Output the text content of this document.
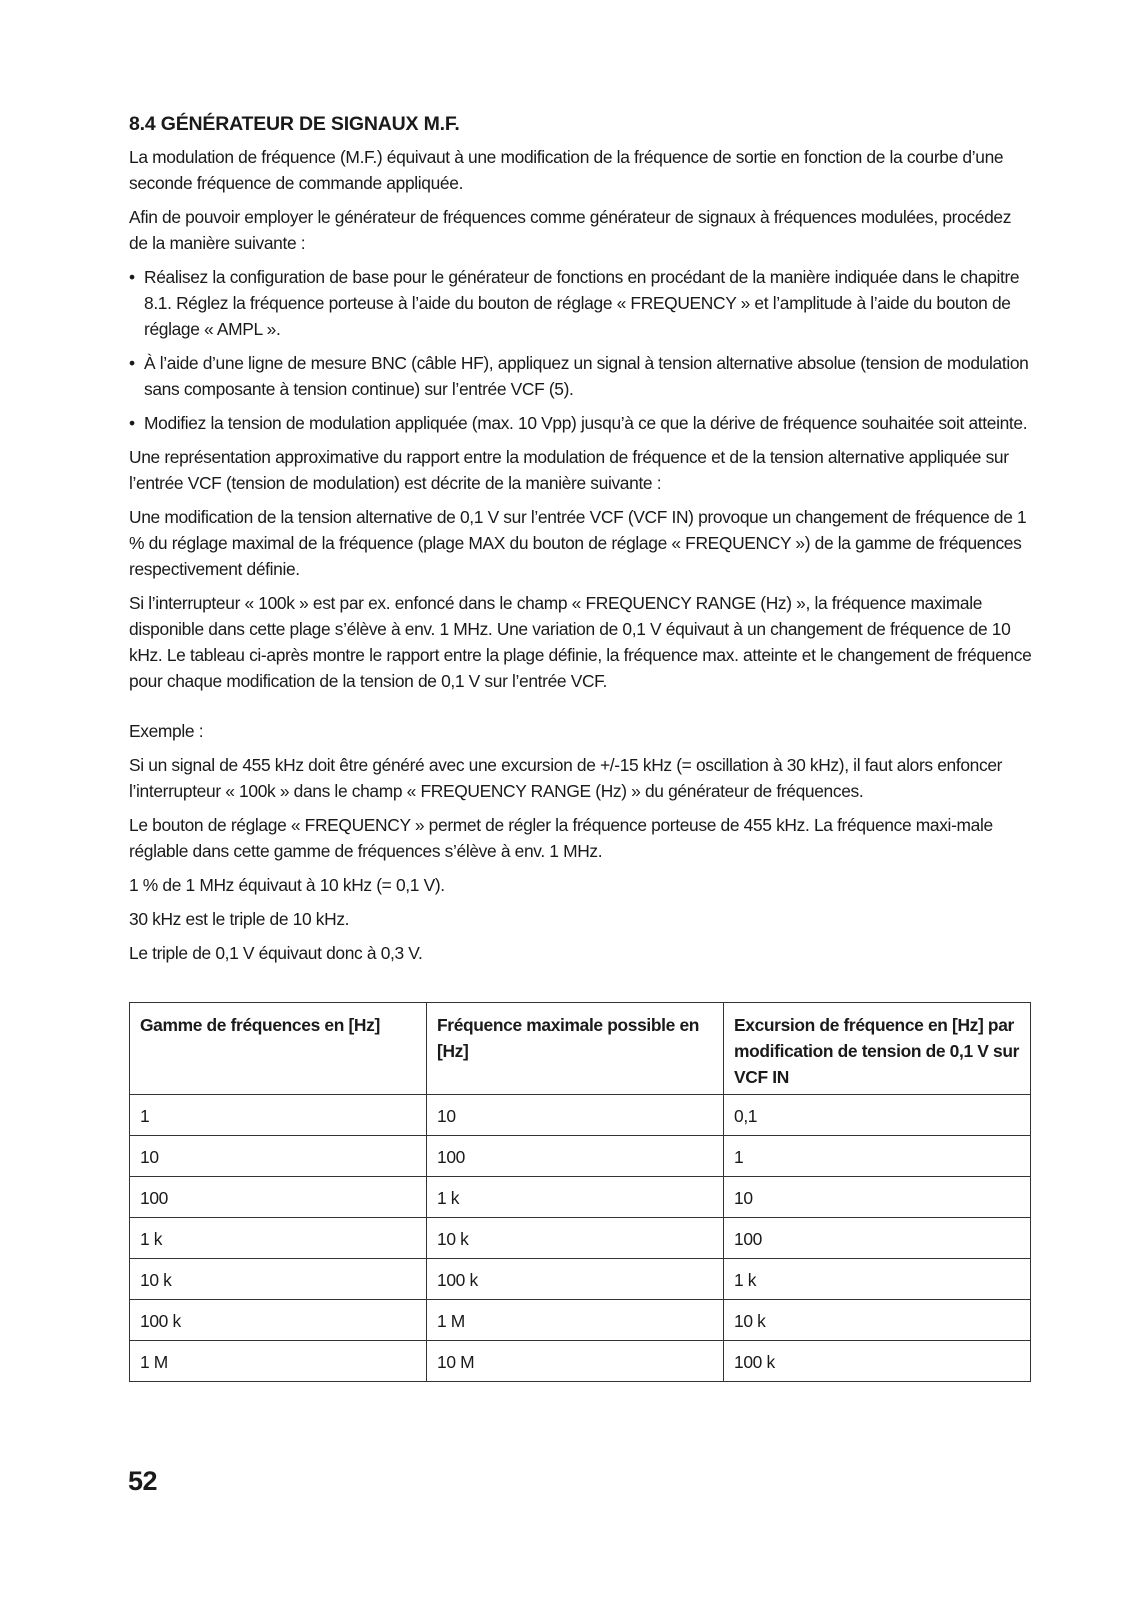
8.4 GÉNÉRATEUR DE SIGNAUX M.F.

La modulation de fréquence (M.F.) équivaut à une modification de la fréquence de sortie en fonction de la courbe d’une seconde fréquence de commande appliquée.

Afin de pouvoir employer le générateur de fréquences comme générateur de signaux à fréquences modulées, procédez de la manière suivante :

• Réalisez la configuration de base pour le générateur de fonctions en procédant de la manière indiquée dans le chapitre 8.1. Réglez la fréquence porteuse à l’aide du bouton de réglage « FREQUENCY » et l’amplitude à l’aide du bouton de réglage « AMPL ».
• À l’aide d’une ligne de mesure BNC (câble HF), appliquez un signal à tension alternative absolue (tension de modulation sans composante à tension continue) sur l’entrée VCF (5).
• Modifiez la tension de modulation appliquée (max. 10 Vpp) jusqu’à ce que la dérive de fréquence souhaitée soit atteinte.

Une représentation approximative du rapport entre la modulation de fréquence et de la tension alternative appliquée sur l’entrée VCF (tension de modulation) est décrite de la manière suivante :

Une modification de la tension alternative de 0,1 V sur l’entrée VCF (VCF IN) provoque un changement de fréquence de 1 % du réglage maximal de la fréquence (plage MAX du bouton de réglage « FREQUENCY ») de la gamme de fréquences respectivement définie.

Si l’interrupteur « 100k » est par ex. enfoncé dans le champ « FREQUENCY RANGE (Hz) », la fréquence maximale disponible dans cette plage s’élève à env. 1 MHz. Une variation de 0,1 V équivaut à un changement de fréquence de 10 kHz. Le tableau ci-après montre le rapport entre la plage définie, la fréquence max. atteinte et le changement de fréquence pour chaque modification de la tension de 0,1 V sur l’entrée VCF.

Exemple :

Si un signal de 455 kHz doit être généré avec une excursion de +/-15 kHz (= oscillation à 30 kHz), il faut alors enfoncer l’interrupteur « 100k » dans le champ « FREQUENCY RANGE (Hz) » du générateur de fréquences.

Le bouton de réglage « FREQUENCY » permet de régler la fréquence porteuse de 455 kHz. La fréquence maxi-male réglable dans cette gamme de fréquences s’élève à env. 1 MHz.

1 % de 1 MHz équivaut à 10 kHz (= 0,1 V).

30 kHz est le triple de 10 kHz.

Le triple de 0,1 V équivaut donc à 0,3 V.

Gamme de fréquences en [Hz]	Fréquence maximale possible en [Hz]	Excursion de fréquence en [Hz] par modification de tension de 0,1 V sur VCF IN
1	10	0,1
10	100	1
100	1 k	10
1 k	10 k	100
10 k	100 k	1 k
100 k	1 M	10 k
1 M	10 M	100 k
52
